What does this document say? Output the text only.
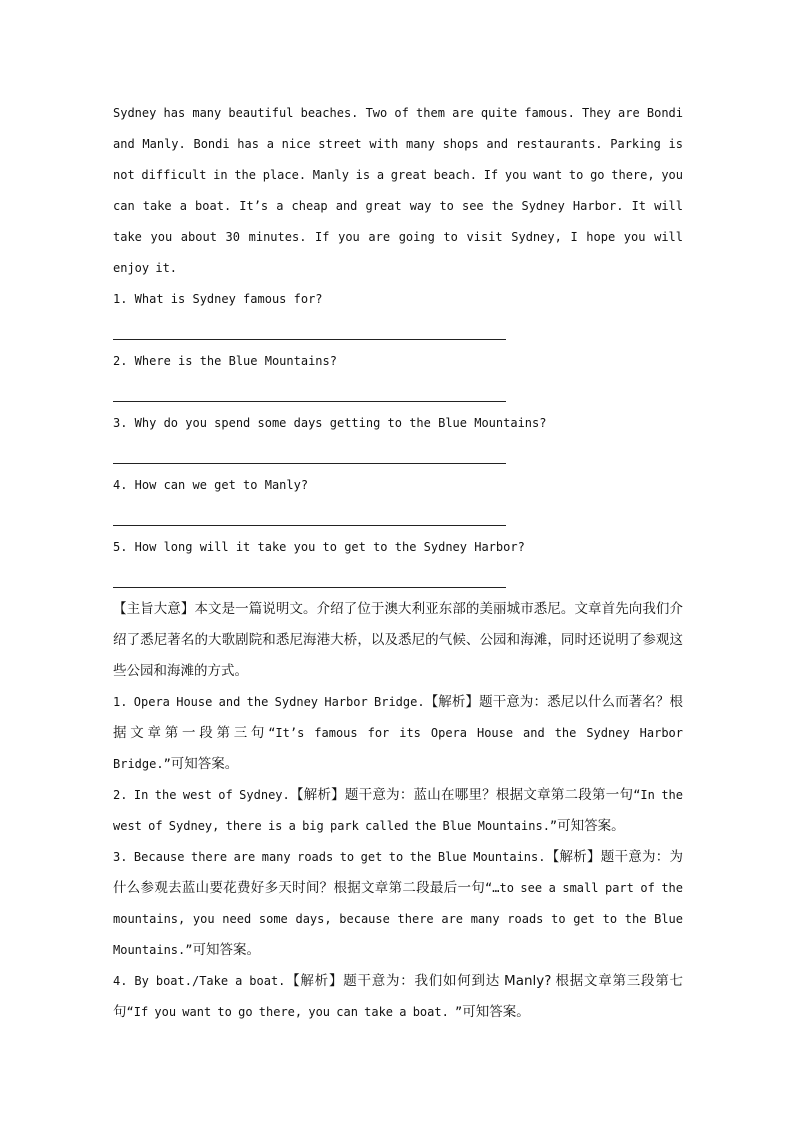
Sydney has many beautiful beaches. Two of them are quite famous. They are Bondi and Manly. Bondi has a nice street with many shops and restaurants. Parking is not difficult in the place. Manly is a great beach. If you want to go there, you can take a boat. It’s a cheap and great way to see the Sydney Harbor. It will take you about 30 minutes. If you are going to visit Sydney, I hope you will enjoy it.

1. What is Sydney famous for?

2. Where is the Blue Mountains?

3. Why do you spend some days getting to the Blue Mountains?

4. How can we get to Manly?

5. How long will it take you to get to the Sydney Harbor?

【主旨大意】本文是一篇说明文。介绍了位于澳大利亚东部的美丽城市悉尼。文章首先向我们介绍了悉尼著名的大歌剧院和悉尼海港大桥，以及悉尼的气候、公园和海滩，同时还说明了参观这些公园和海滩的方式。

1. Opera House and the Sydney Harbor Bridge.【解析】题干意为：悉尼以什么而著名？根据文章第一段第三句“It’s famous for its Opera House and the Sydney Harbor Bridge.”可知答案。

2. In the west of Sydney.【解析】题干意为：蓝山在哪里？根据文章第二段第一句“In the west of Sydney, there is a big park called the Blue Mountains.”可知答案。

3. Because there are many roads to get to the Blue Mountains.【解析】题干意为：为什么参观去蓝山要花费好多天时间？根据文章第二段最后一句“…to see a small part of the mountains, you need some days, because there are many roads to get to the Blue Mountains.”可知答案。

4. By boat./Take a boat.【解析】题干意为：我们如何到达 Manly? 根据文章第三段第七句“If you want to go there, you can take a boat. ”可知答案。
